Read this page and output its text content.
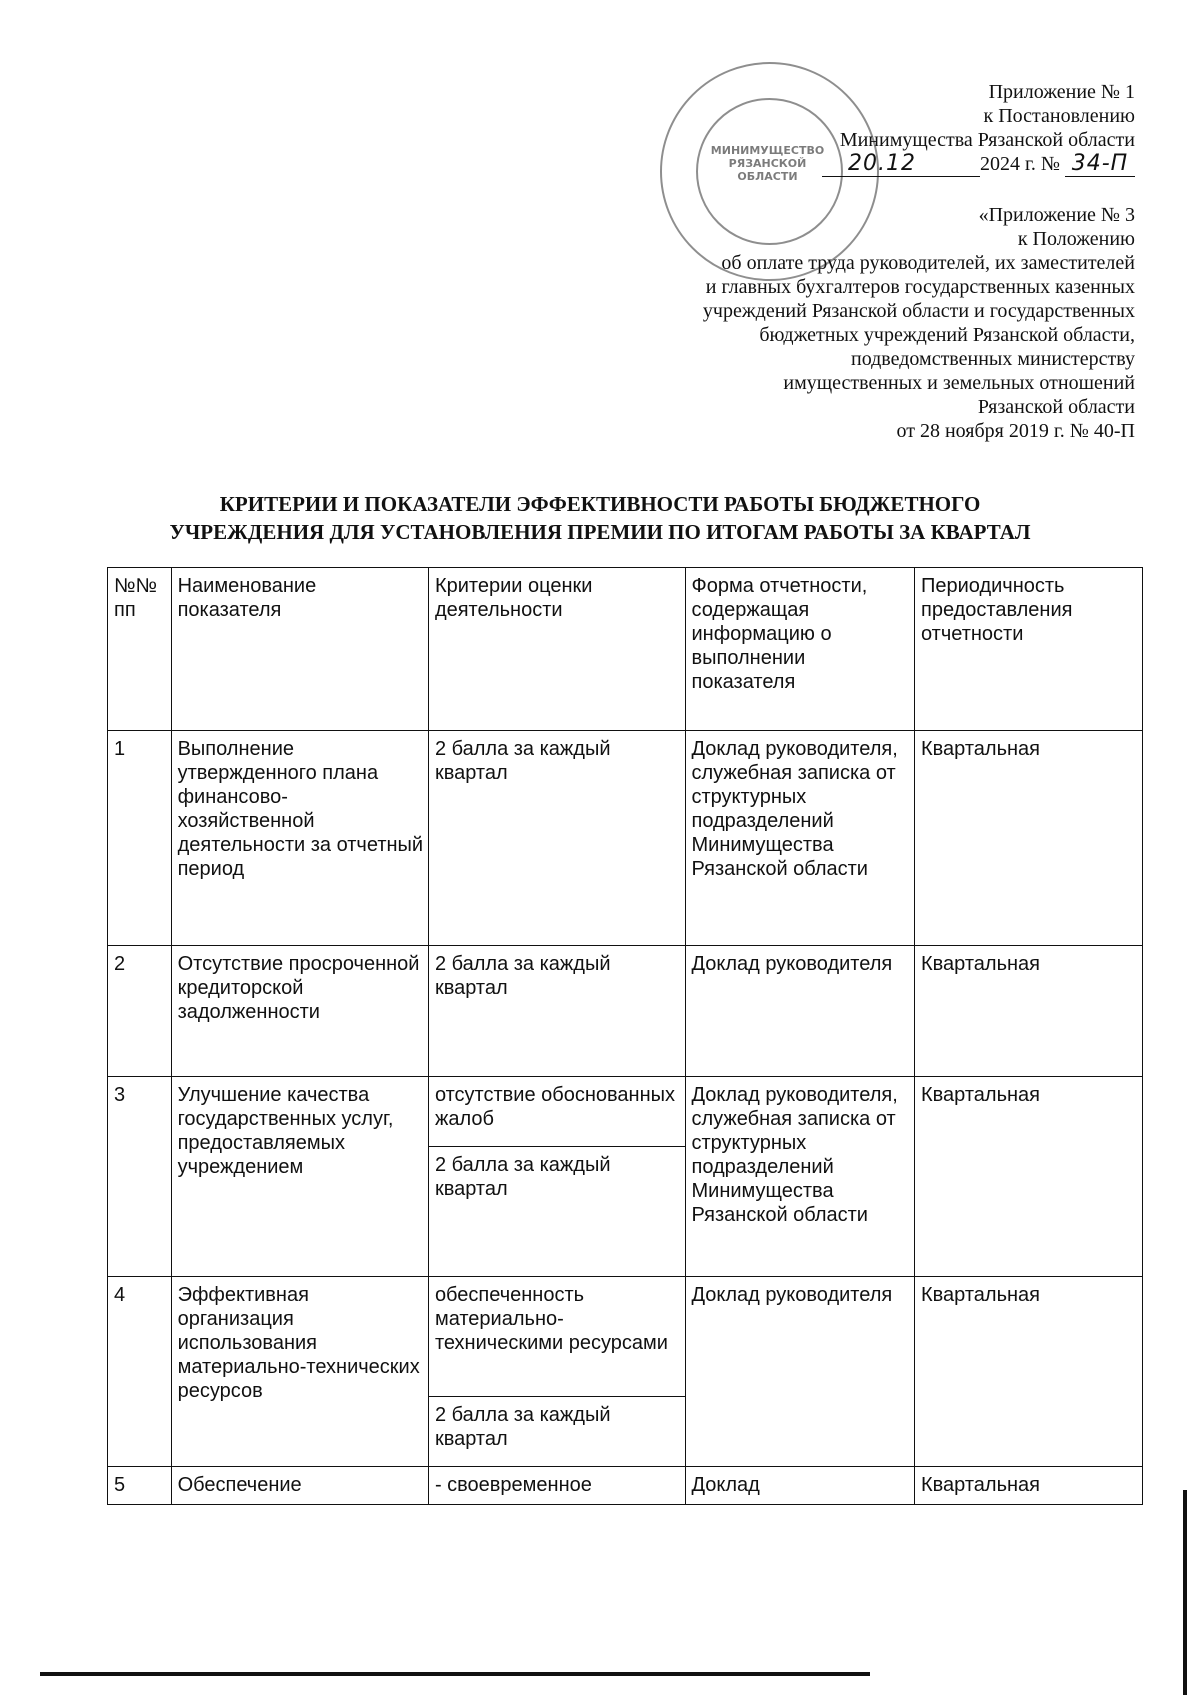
МИНИМУЩЕСТВО
РЯЗАНСКОЙ
ОБЛАСТИ
Приложение № 1
к Постановлению
Минимущества Рязанской области
20.12	2024 г. № 34-П
«Приложение № 3
к Положению
об оплате труда руководителей, их заместителей
и главных бухгалтеров государственных казенных
учреждений Рязанской области и государственных
бюджетных учреждений Рязанской области,
подведомственных министерству
имущественных и земельных отношений
Рязанской области
от 28 ноября 2019 г. № 40-П
КРИТЕРИИ И ПОКАЗАТЕЛИ ЭФФЕКТИВНОСТИ РАБОТЫ БЮДЖЕТНОГО
УЧРЕЖДЕНИЯ ДЛЯ УСТАНОВЛЕНИЯ ПРЕМИИ ПО ИТОГАМ РАБОТЫ ЗА КВАРТАЛ
№№ пп	Наименование показателя	Критерии оценки деятельности	Форма отчетности, содержащая информацию о выполнении показателя	Периодичность предоставления отчетности
1	Выполнение утвержденного плана финансово-хозяйственной деятельности за отчетный период	2 балла за каждый квартал	Доклад руководителя, служебная записка от структурных подразделений Минимущества Рязанской области	Квартальная
2	Отсутствие просроченной кредиторской задолженности	2 балла за каждый квартал	Доклад руководителя	Квартальная
3	Улучшение качества государственных услуг, предоставляемых учреждением	отсутствие обоснованных жалоб	Доклад руководителя, служебная записка от структурных подразделений Минимущества Рязанской области	Квартальная
		2 балла за каждый квартал		
4	Эффективная организация использования материально-технических ресурсов	обеспеченность материально-техническими ресурсами	Доклад руководителя	Квартальная
		2 балла за каждый квартал		
5	Обеспечение	- своевременное	Доклад	Квартальная
